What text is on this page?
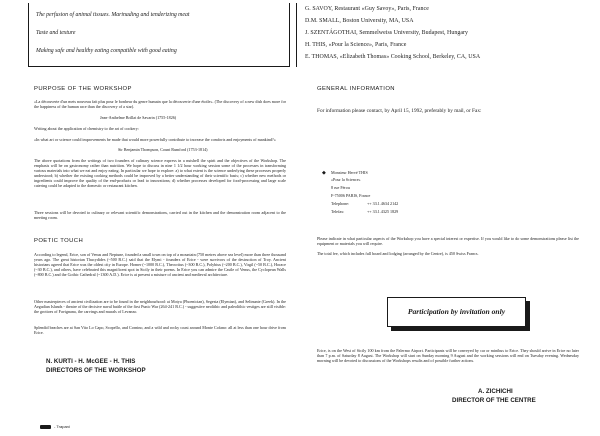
The perfusion of animal tissues. Marinading and tenderizing meat
Taste and texture
Making safe and healthy eating compatible with good eating
G. SAVOY, Restaurant «Guy Savoy», Paris, France
D.M. SMALL, Boston University, MA, USA
J. SZENTÁGOTHAI, Semmelweiss University, Budapest, Hungary
H. THIS, «Pour la Science», Paris, France
E. THOMAS, «Elizabeth Thomas» Cooking School, Berkeley, CA, USA
PURPOSE OF THE WORKSHOP
«La découverte d'un mets nouveau fait plus pour le bonheur du genre humain que la découverte d'une étoile». (The discovery of a new dish does more for the happiness of the human race than the discovery of a star).
Jean-Anthelme Brillat de Savarin (1755-1826)
Writing about the application of chemistry to the art of cookery:
«In what art or science could improvements be made that would more powerfully contribute to increase the comforts and enjoyments of mankind?»
Sir Benjamin Thompson, Count Rumford (1753-1814)
The above quotations from the writings of two founders of culinary science express in a nutshell the spirit and the objectives of the Workshop. The emphasis will be on gastronomy rather than nutrition. We hope to discuss in nine 1 1/2 hour working session some of the processes in transforming various materials into what we eat and enjoy eating. In particular we hope to explore: a) to what extent is the science underlying these processes properly understood; b) whether the existing cooking methods could be improved by a better understanding of their scientific basis; c) whether new methods or ingredients could improve the quality of the end-products or lead to innovations; d) whether processes developed for food-processing and large scale catering could be adapted to the domestic or restaurant kitchen.
Three sessions will be devoted to culinary or relevant scientific demonstrations, carried out in the kitchen and the demonstration room adjacent to the meeting room.
POETIC TOUCH
According to legend, Erice, son of Venus and Neptune, founded a small town on top of a mountain (750 metres above sea level) more than three thousand years ago. The great historian Thucydides (~500 B.C.) said that the Elymi - founders of Erice - were survivors of the destruction of Troy. Ancient historians agreed that Erice was the oldest city in Europe. Homer (~1000 B.C.), Theocritus (~300 B.C.), Polybius (~200 B.C.), Virgil (~50 B.C.), Horace (~30 B.C.), and others, have celebrated this magnificent spot in Sicily in their poems. In Erice you can admire the Castle of Venus, the Cyclopean Walls (~800 B.C.) and the Gothic Cathedral (~1300 A.D.). Erice is at present a mixture of ancient and medieval architecture.
Other masterpieces of ancient civilization are to be found in the neighbourhood: at Motya (Phoenician), Segesta (Elymian), and Selinunte (Greek). In the Aegadian Islands - theatre of the decisive naval battle of the first Punic War (264-241 B.C.) - suggestive neolithic and paleolithic vestiges are still visible: the grottoes of Favignana, the carvings and murals of Levanzo.
Splendid beaches are at San Vito Lo Capo, Scopello, and Cornino, and a wild and rocky coast around Monte Cofano: all at less than one hour drive from Erice.
N. KURTI - H. McGEE - H. THIS
DIRECTORS OF THE WORKSHOP
GENERAL INFORMATION
For information please contact, by April 15, 1992, preferably by mail, or Fax:
◆ Monsieur Hervé THIS
«Pour la Science»
8 rue Férou
F-75006 PARIS, France
Telephone:	++ 33.1.4634 2142
Telefax:	++ 33.1.4325 1829
Please indicate in what particular aspects of the Workshop you have a special interest or expertise. If you would like to do some demonstrations please list the equipment or materials you will require.
The total fee, which includes full board and lodging (arranged by the Centre), is 450 Swiss Francs.
Participation by invitation only
Erice, is on the West of Sicily 100 km from the Palermo Airport. Participants will be conveyed by car or minibus to Erice. They should arrive in Erice no later than 7 p.m. of Saturday 8 August. The Workshop will start on Sunday morning 9 August and the working sessions will end on Tuesday evening. Wednesday morning will be devoted to discussions of the Workshops results and of possible further actions.
A. ZICHICHI
DIRECTOR OF THE CENTRE
- Trapani
